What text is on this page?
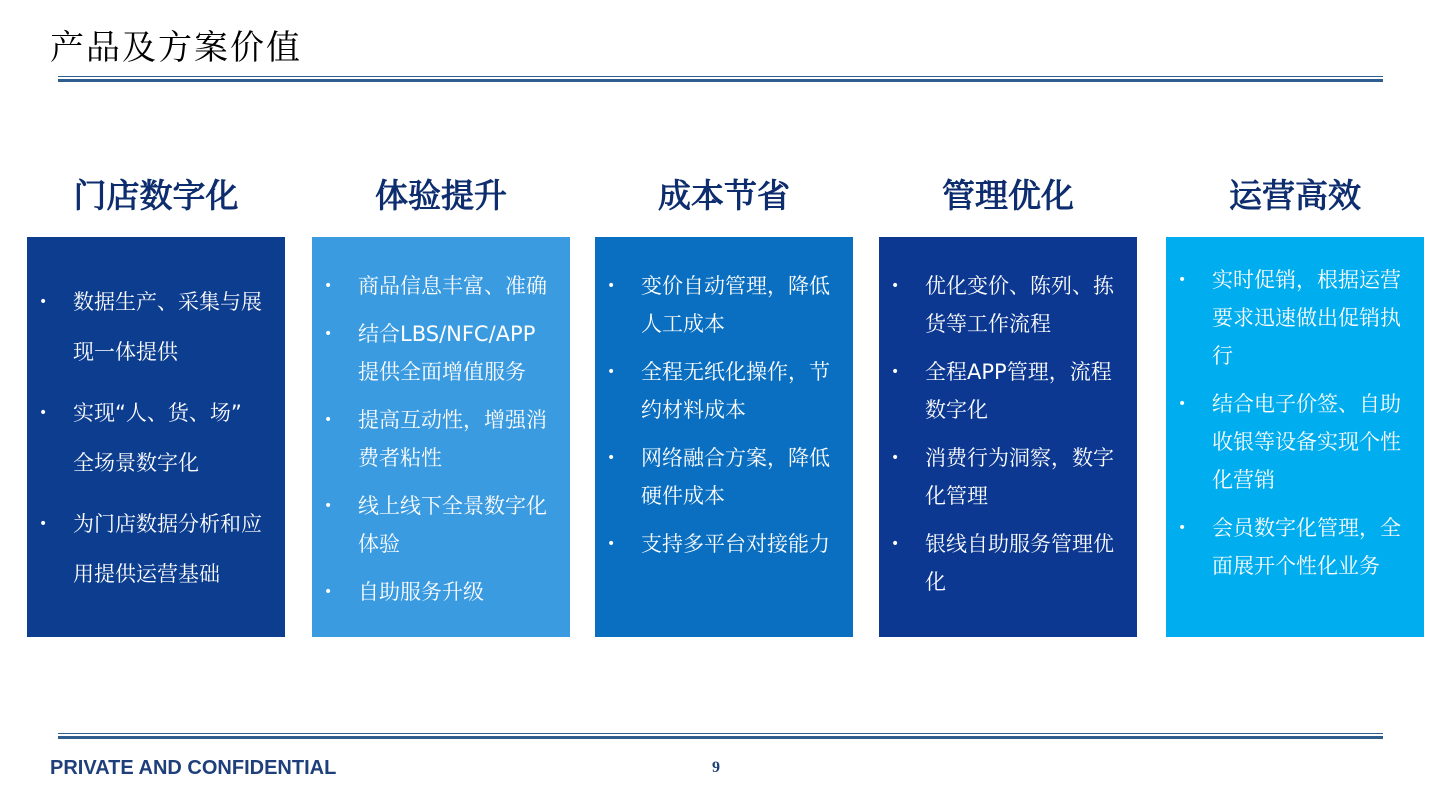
产品及方案价值
门店数字化
• 数据生产、采集与展
现一体提供
• 实现“人、货、场”
全场景数字化
• 为门店数据分析和应
用提供运营基础
体验提升
• 商品信息丰富、准确
• 结合LBS/NFC/APP
提供全面增值服务
• 提高互动性，增强消
费者粘性
• 线上线下全景数字化
体验
• 自助服务升级
成本节省
• 变价自动管理，降低
人工成本
• 全程无纸化操作，节
约材料成本
• 网络融合方案，降低
硬件成本
• 支持多平台对接能力
管理优化
• 优化变价、陈列、拣
货等工作流程
• 全程APP管理，流程
数字化
• 消费行为洞察，数字
化管理
• 银线自助服务管理优
化
运营高效
• 实时促销，根据运营
要求迅速做出促销执
行
• 结合电子价签、自助
收银等设备实现个性
化营销
• 会员数字化管理，全
面展开个性化业务
PRIVATE AND CONFIDENTIAL	9
